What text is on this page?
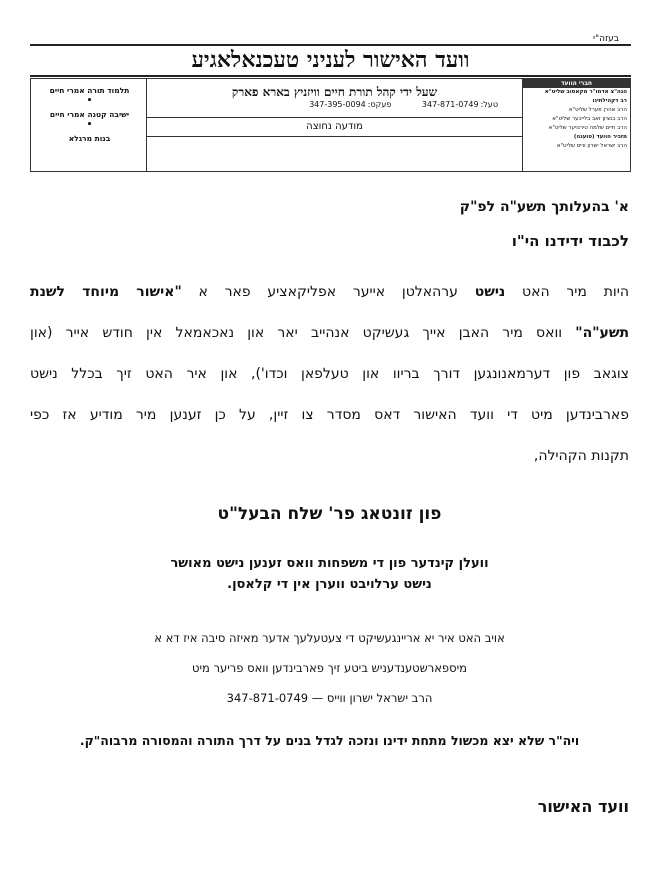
בעזה"י
וועד האישור לעניני טעכנאלאגיע
חברי הוועד
הגה"צ אדמו"ר מקאסוב שליט"א
רב דקהילתינו
הרב אהרן פערל שליט"א
הרב בנציון זאב בלייכער שליט"א
הרב חיים שלמה טירנויער שליט"א
מזכיר הוועד (טוענה)
הרב ישראל ישרון ווייס שליט"א
שעל ידי קהל תורת חיים וויזניץ בארא פארק
טעל:347-871-0749 פעקס:347-395-0094
מודעה נחוצה
תלמוד תורה אמרי חיים
•
ישיבה קטנה אמרי חיים
•
בנות מרגלא
א' בהעלותך תשע"ה לפ"ק
לכבוד ידידנו הי"ו
היות מיר האט נישט ערהאלטן אייער אפליקאציע פאר א "אישור מיוחד לשנת
תשע"ה" וואס מיר האבן אייך געשיקט אנהייב יאר און נאכאמאל אין חודש אייר (און
צוגאב פון דערמאנונגען דורך בריוו און טעלפאן וכדו'), און איר האט זיך בכלל נישט
פארבינדען מיט די וועד האישור דאס מסדר צו זיין, על כן זענען מיר מודיע אז כפי
תקנות הקהילה,
פון זונטאג פר' שלח הבעל"ט
וועלן קינדער פון די משפחות וואס זענען נישט מאושר
נישט ערלויבט ווערן אין די קלאסן.
אויב האט איר יא אריינגעשיקט די צעטעלעך אדער מאיזה סיבה איז דא א
מיספארשטענדעניש ביטע זיך פארבינדען וואס פריער מיט
הרב ישראל ישרון ווייס — 347-871-0749
ויה"ר שלא יצא מכשול מתחת ידינו ונזכה לגדל בנים על דרך התורה והמסורה מרבוה"ק.
וועד האישור
